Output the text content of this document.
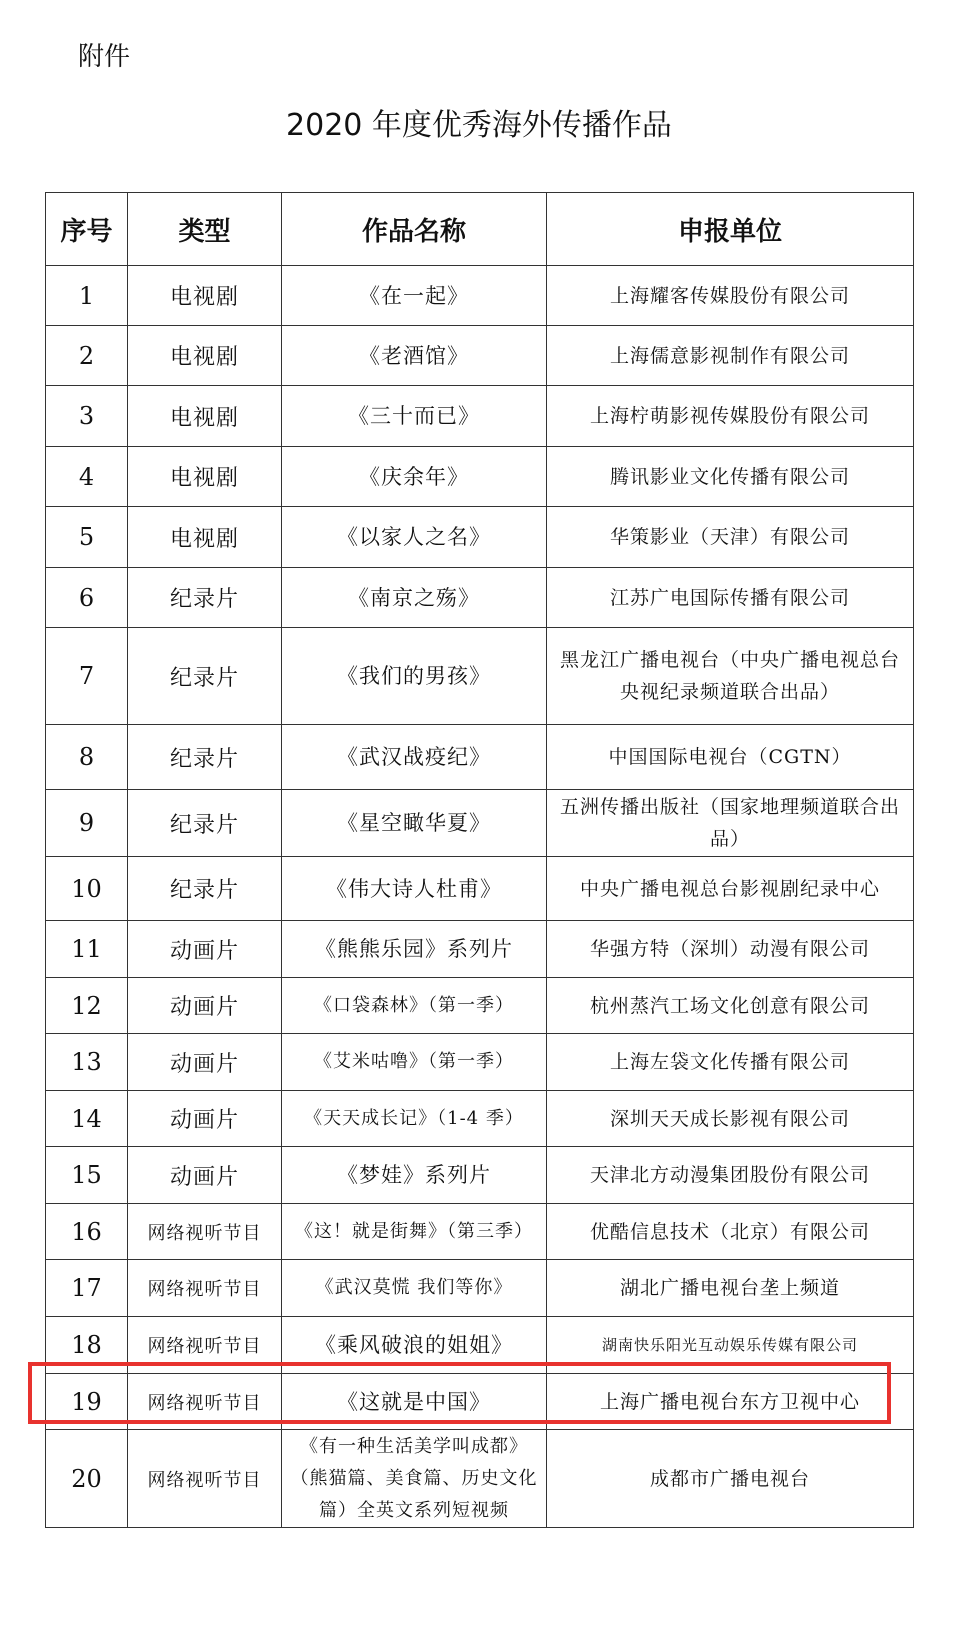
附件
2020 年度优秀海外传播作品
序号	类型	作品名称	申报单位
1	电视剧	《在一起》	上海耀客传媒股份有限公司
2	电视剧	《老酒馆》	上海儒意影视制作有限公司
3	电视剧	《三十而已》	上海柠萌影视传媒股份有限公司
4	电视剧	《庆余年》	腾讯影业文化传播有限公司
5	电视剧	《以家人之名》	华策影业（天津）有限公司
6	纪录片	《南京之殇》	江苏广电国际传播有限公司
7	纪录片	《我们的男孩》	黑龙江广播电视台（中央广播电视总台央视纪录频道联合出品）
8	纪录片	《武汉战疫纪》	中国国际电视台（CGTN）
9	纪录片	《星空瞰华夏》	五洲传播出版社（国家地理频道联合出品）
10	纪录片	《伟大诗人杜甫》	中央广播电视总台影视剧纪录中心
11	动画片	《熊熊乐园》系列片	华强方特（深圳）动漫有限公司
12	动画片	《口袋森林》（第一季）	杭州蒸汽工场文化创意有限公司
13	动画片	《艾米咕噜》（第一季）	上海左袋文化传播有限公司
14	动画片	《天天成长记》（1-4 季）	深圳天天成长影视有限公司
15	动画片	《梦娃》系列片	天津北方动漫集团股份有限公司
16	网络视听节目	《这！就是街舞》（第三季）	优酷信息技术（北京）有限公司
17	网络视听节目	《武汉莫慌 我们等你》	湖北广播电视台垄上频道
18	网络视听节目	《乘风破浪的姐姐》	湖南快乐阳光互动娱乐传媒有限公司
19	网络视听节目	《这就是中国》	上海广播电视台东方卫视中心
20	网络视听节目	《有一种生活美学叫成都》（熊猫篇、美食篇、历史文化篇）全英文系列短视频	成都市广播电视台
